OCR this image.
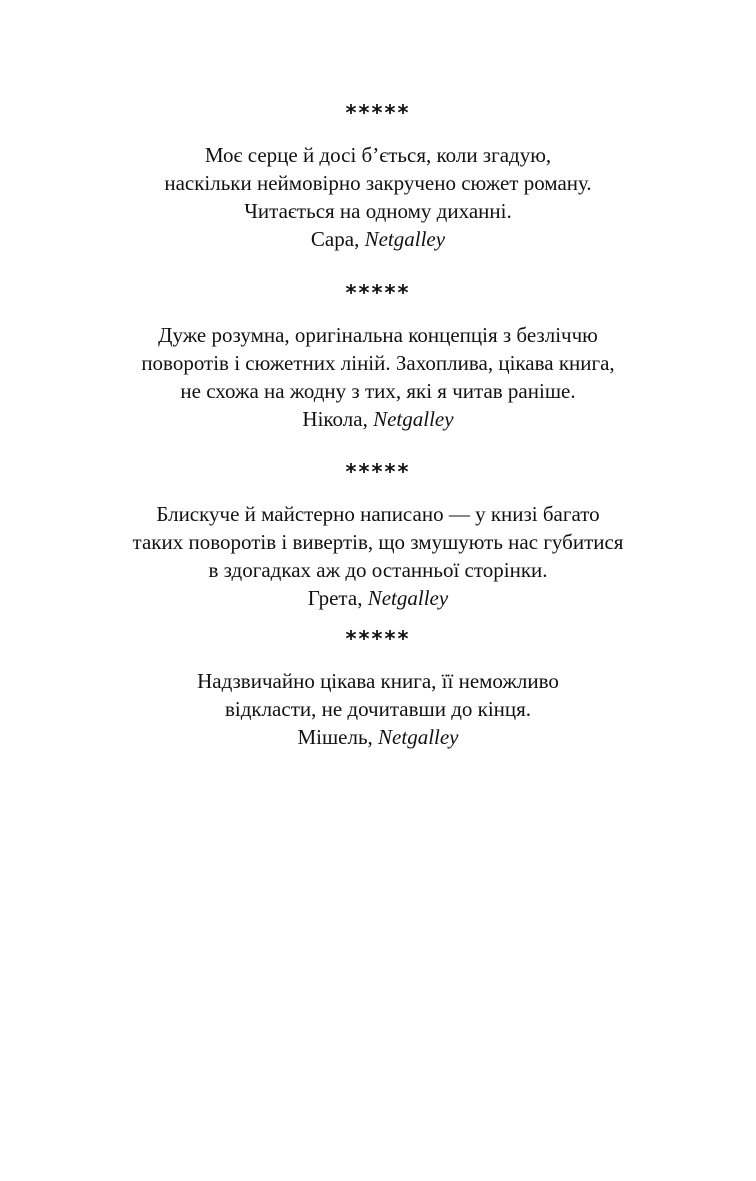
*****
Моє серце й досі б’ється, коли згадую,
наскільки неймовірно закручено сюжет роману.
Читається на одному диханні.
Сара, Netgalley
*****
Дуже розумна, оригінальна концепція з безліччю
поворотів і сюжетних ліній. Захоплива, цікава книга,
не схожа на жодну з тих, які я читав раніше.
Нікола, Netgalley
*****
Блискуче й майстерно написано — у книзі багато
таких поворотів і вивертів, що змушують нас губитися
в здогадках аж до останньої сторінки.
Грета, Netgalley
*****
Надзвичайно цікава книга, її неможливо
відкласти, не дочитавши до кінця.
Мішель, Netgalley
